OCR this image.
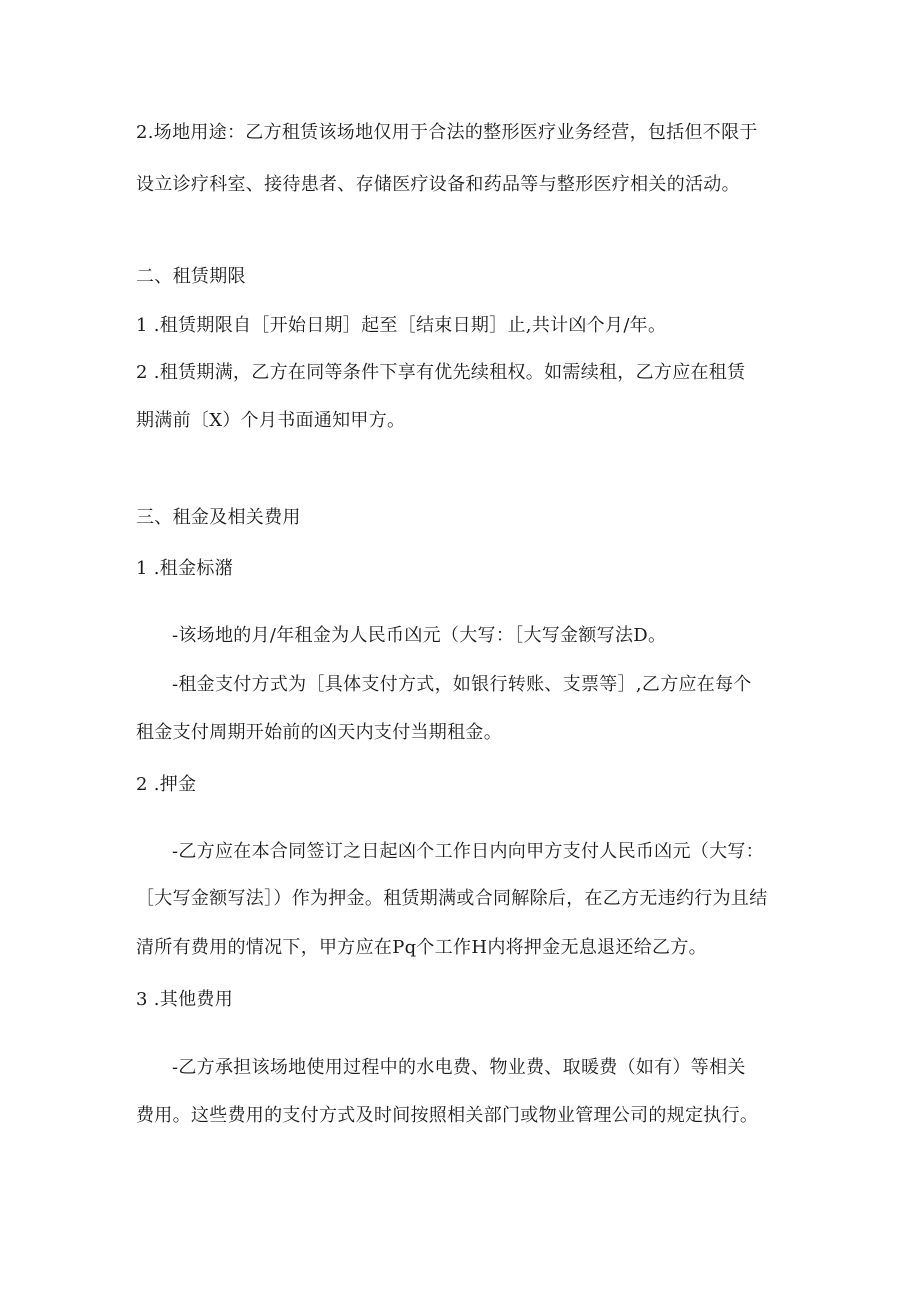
2.场地用途：乙方租赁该场地仅用于合法的整形医疗业务经营，包括但不限于
设立诊疗科室、接待患者、存储医疗设备和药品等与整形医疗相关的活动。
二、租赁期限
1 .租赁期限自［开始日期］起至［结束日期］止,共计凶个月/年。
2 .租赁期满，乙方在同等条件下享有优先续租权。如需续租，乙方应在租赁
期满前〔X）个月书面通知甲方。
三、租金及相关费用
1 .租金标潴
-该场地的月/年租金为人民币凶元（大写：［大写金额写法D。
-租金支付方式为［具体支付方式，如银行转账、支票等］,乙方应在每个
租金支付周期开始前的凶天内支付当期租金。
2 .押金
-乙方应在本合同签订之日起凶个工作日内向甲方支付人民币凶元（大写：
［大写金额写法］）作为押金。租赁期满或合同解除后，在乙方无违约行为且结
清所有费用的情况下，甲方应在Pq个工作H内将押金无息退还给乙方。
3 .其他费用
-乙方承担该场地使用过程中的水电费、物业费、取暖费（如有）等相关
费用。这些费用的支付方式及时间按照相关部门或物业管理公司的规定执行。
